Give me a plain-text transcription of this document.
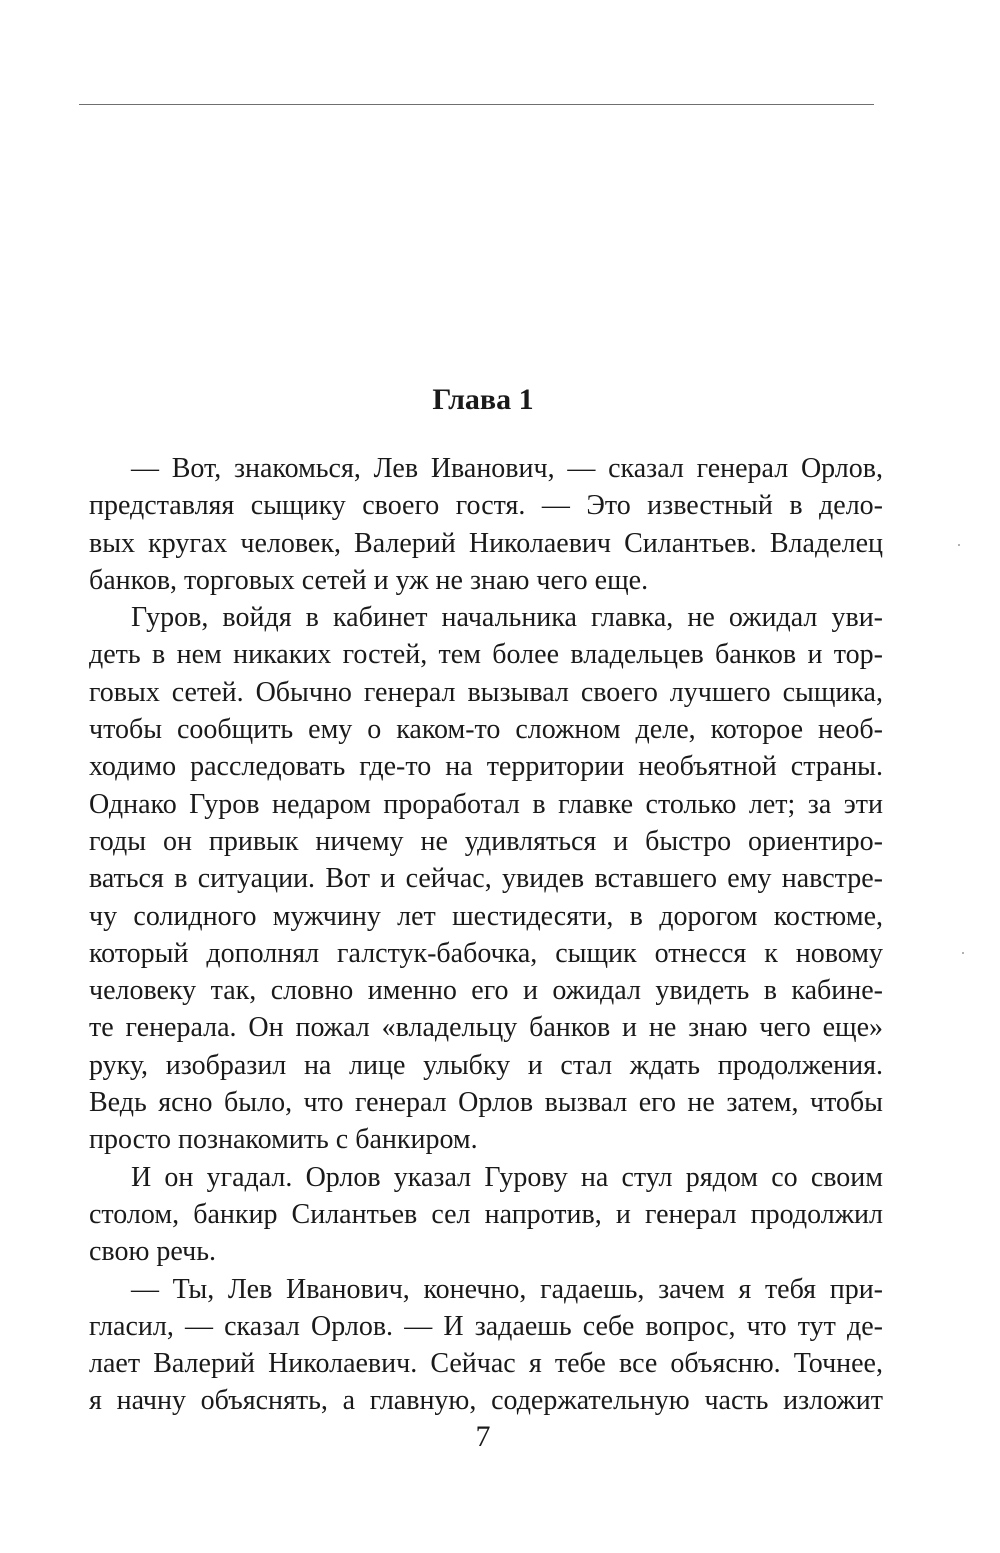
Глава 1
— Вот, знакомься, Лев Иванович, — сказал генерал Орлов,
представляя сыщику своего гостя. — Это известный в дело-
вых кругах человек, Валерий Николаевич Силантьев. Владелец
банков, торговых сетей и уж не знаю чего еще.
Гуров, войдя в кабинет начальника главка, не ожидал уви-
деть в нем никаких гостей, тем более владельцев банков и тор-
говых сетей. Обычно генерал вызывал своего лучшего сыщика,
чтобы сообщить ему о каком-то сложном деле, которое необ-
ходимо расследовать где-то на территории необъятной страны.
Однако Гуров недаром проработал в главке столько лет; за эти
годы он привык ничему не удивляться и быстро ориентиро-
ваться в ситуации. Вот и сейчас, увидев вставшего ему навстре-
чу солидного мужчину лет шестидесяти, в дорогом костюме,
который дополнял галстук-бабочка, сыщик отнесся к новому
человеку так, словно именно его и ожидал увидеть в кабине-
те генерала. Он пожал «владельцу банков и не знаю чего еще»
руку, изобразил на лице улыбку и стал ждать продолжения.
Ведь ясно было, что генерал Орлов вызвал его не затем, чтобы
просто познакомить с банкиром.
И он угадал. Орлов указал Гурову на стул рядом со своим
столом, банкир Силантьев сел напротив, и генерал продолжил
свою речь.
— Ты, Лев Иванович, конечно, гадаешь, зачем я тебя при-
гласил, — сказал Орлов. — И задаешь себе вопрос, что тут де-
лает Валерий Николаевич. Сейчас я тебе все объясню. Точнее,
я начну объяснять, а главную, содержательную часть изложит
7
